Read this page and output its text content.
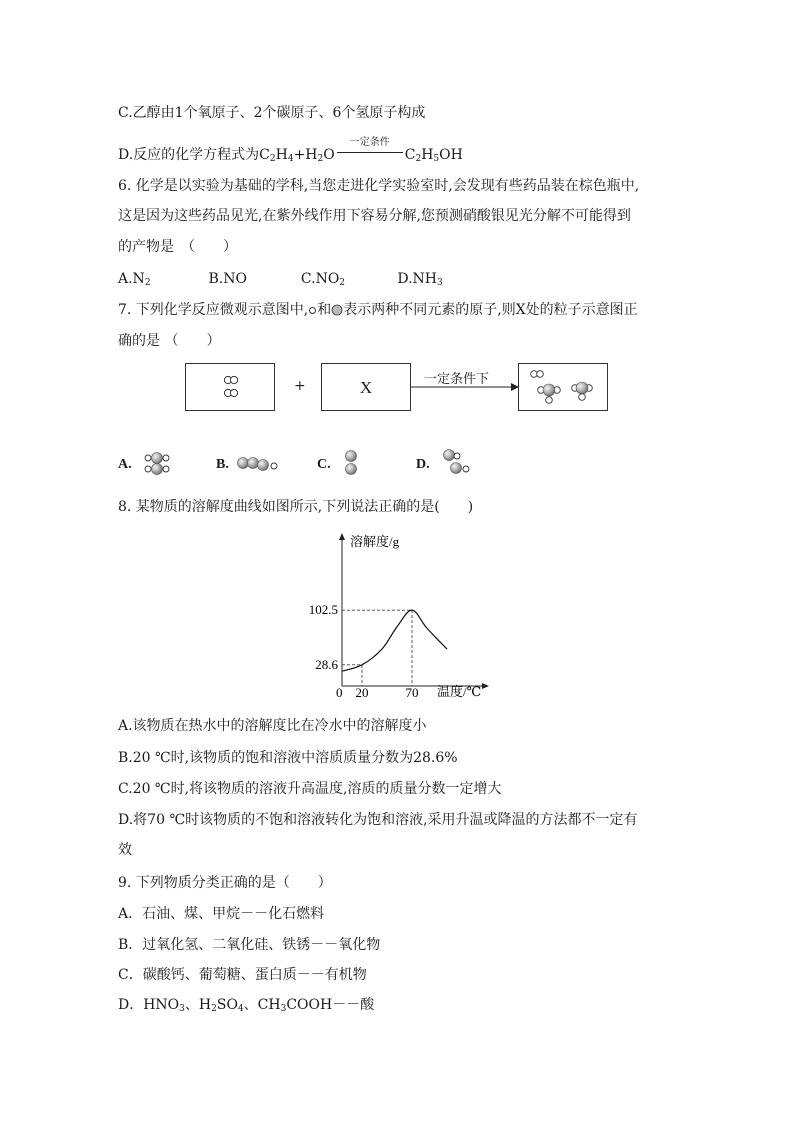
C.乙醇由1个氧原子、2个碳原子、6个氢原子构成
D.反应的化学方程式为$C_2H_4+H_2O$
一定条件
$C_2H_5OH$
6. 化学是以实验为基础的学科,当您走进化学实验室时,会发现有些药品装在棕色瓶中,
这是因为这些药品见光,在紫外线作用下容易分解,您预测硝酸银见光分解不可能得到
的产物是　（　　）
$A.N_2$	B.NO	$C.NO_2$	$D.NH_3$
7. 下列化学反应微观示意图中, 和 表示两种不同元素的原子,则X处的粒子示意图正
确的是 （　　）
+	X	一定条件下
A.	B.	C.	D.
8. 某物质的溶解度曲线如图所示,下列说法正确的是(　　)
溶解度/g
温度/℃
0
28.6
102.5
20	70
A.该物质在热水中的溶解度比在冷水中的溶解度小
B.20 ℃时,该物质的饱和溶液中溶质质量分数为28.6%
C.20 ℃时,将该物质的溶液升高温度,溶质的质量分数一定增大
D.将70 ℃时该物质的不饱和溶液转化为饱和溶液,采用升温或降温的方法都不一定有
效
9. 下列物质分类正确的是（　　）
A．石油、煤、甲烷－－化石燃料
B．过氧化氢、二氧化硅、铁锈－－氧化物
C．碳酸钙、葡萄糖、蛋白质－－有机物
D．$HNO_3$、$H_2SO_4$、$CH_3COOH--$酸
